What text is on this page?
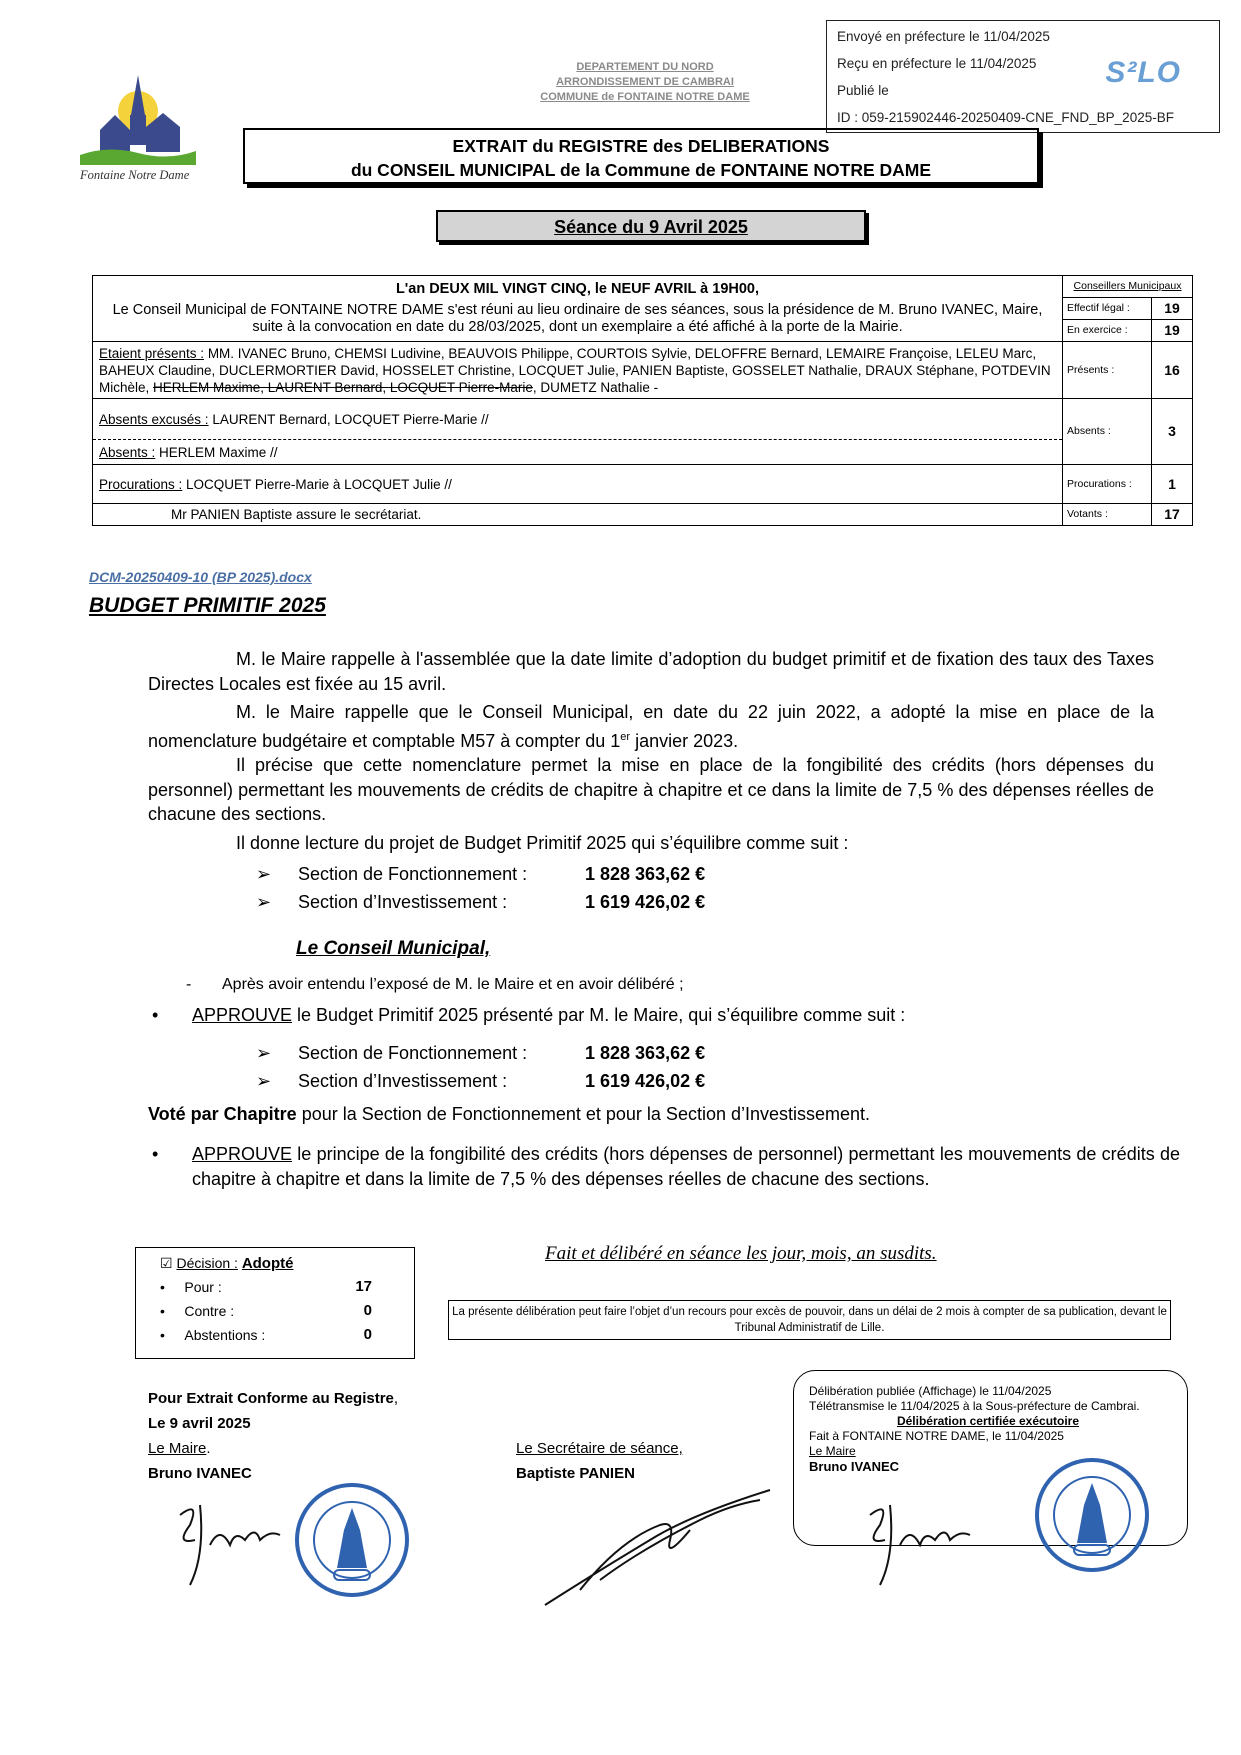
Envoyé en préfecture le 11/04/2025
Reçu en préfecture le 11/04/2025
Publié le
ID : 059-215902446-20250409-CNE_FND_BP_2025-BF
S²LO
Fontaine Notre Dame
DEPARTEMENT DU NORD
ARRONDISSEMENT DE CAMBRAI
COMMUNE de FONTAINE NOTRE DAME
EXTRAIT du REGISTRE des DELIBERATIONS
du CONSEIL MUNICIPAL de la Commune de FONTAINE NOTRE DAME
Séance du 9 Avril 2025
L'an DEUX MIL VINGT CINQ, le NEUF AVRIL à 19H00,
Le Conseil Municipal de FONTAINE NOTRE DAME s'est réuni au lieu ordinaire de ses séances, sous la présidence de M. Bruno IVANEC, Maire, suite à la convocation en date du 28/03/2025, dont un exemplaire a été affiché à la porte de la Mairie.	Conseillers Municipaux	
	Effectif légal :	19
	En exercice :	19
Etaient présents : MM. IVANEC Bruno, CHEMSI Ludivine, BEAUVOIS Philippe, COURTOIS Sylvie, DELOFFRE Bernard, LEMAIRE Françoise, LELEU Marc, BAHEUX Claudine, DUCLERMORTIER David, HOSSELET Christine, LOCQUET Julie, PANIEN Baptiste, GOSSELET Nathalie, DRAUX Stéphane, POTDEVIN Michèle, HERLEM Maxime, LAURENT Bernard, LOCQUET Pierre-Marie, DUMETZ Nathalie -	Présents :	16

Absents excusés : LAURENT Bernard, LOCQUET Pierre-Marie //
Absents : HERLEM Maxime //	Absents :	3
Procurations : LOCQUET Pierre-Marie à LOCQUET Julie //	Procurations :	1
Mr PANIEN Baptiste assure le secrétariat.	Votants :	17
DCM-20250409-10 (BP 2025).docx
BUDGET PRIMITIF 2025

M. le Maire rappelle à l'assemblée que la date limite d’adoption du budget primitif et de fixation des taux des Taxes Directes Locales est fixée au 15 avril.

M. le Maire rappelle que le Conseil Municipal, en date du 22 juin 2022, a adopté la mise en place de la nomenclature budgétaire et comptable M57 à compter du 1er janvier 2023.

Il précise que cette nomenclature permet la mise en place de la fongibilité des crédits (hors dépenses du personnel) permettant les mouvements de crédits de chapitre à chapitre et ce dans la limite de 7,5 % des dépenses réelles de chacune des sections.

Il donne lecture du projet de Budget Primitif 2025 qui s’équilibre comme suit :

➢ Section de Fonctionnement :	1 828 363,62 €
➢ Section d’Investissement :	1 619 426,02 €
Le Conseil Municipal,
- Après avoir entendu l’exposé de M. le Maire et en avoir délibéré ;
• APPROUVE le Budget Primitif 2025 présenté par M. le Maire, qui s’équilibre comme suit :
➢ Section de Fonctionnement :	1 828 363,62 €
➢ Section d’Investissement :	1 619 426,02 €
Voté par Chapitre pour la Section de Fonctionnement et pour la Section d’Investissement.
•	APPROUVE le principe de la fongibilité des crédits (hors dépenses de personnel) permettant les mouvements de crédits de chapitre à chapitre et dans la limite de 7,5 % des dépenses réelles de chacune des sections.

☑ Décision : Adopté
•     Pour :	17
•     Contre :	0
•     Abstentions :	0
Fait et délibéré en séance les jour, mois, an susdits.
La présente délibération peut faire l’objet d’un recours pour excès de pouvoir, dans un délai de 2 mois à compter de sa publication, devant le Tribunal Administratif de Lille.
Pour Extrait Conforme au Registre,
Le 9 avril 2025
Le Maire.
Bruno IVANEC
Le Secrétaire de séance,
Baptiste PANIEN
Délibération publiée (Affichage) le 11/04/2025
Télétransmise le 11/04/2025 à la Sous-préfecture de Cambrai.
Délibération certifiée exécutoire
Fait à FONTAINE NOTRE DAME, le 11/04/2025
Le Maire
Bruno IVANEC
